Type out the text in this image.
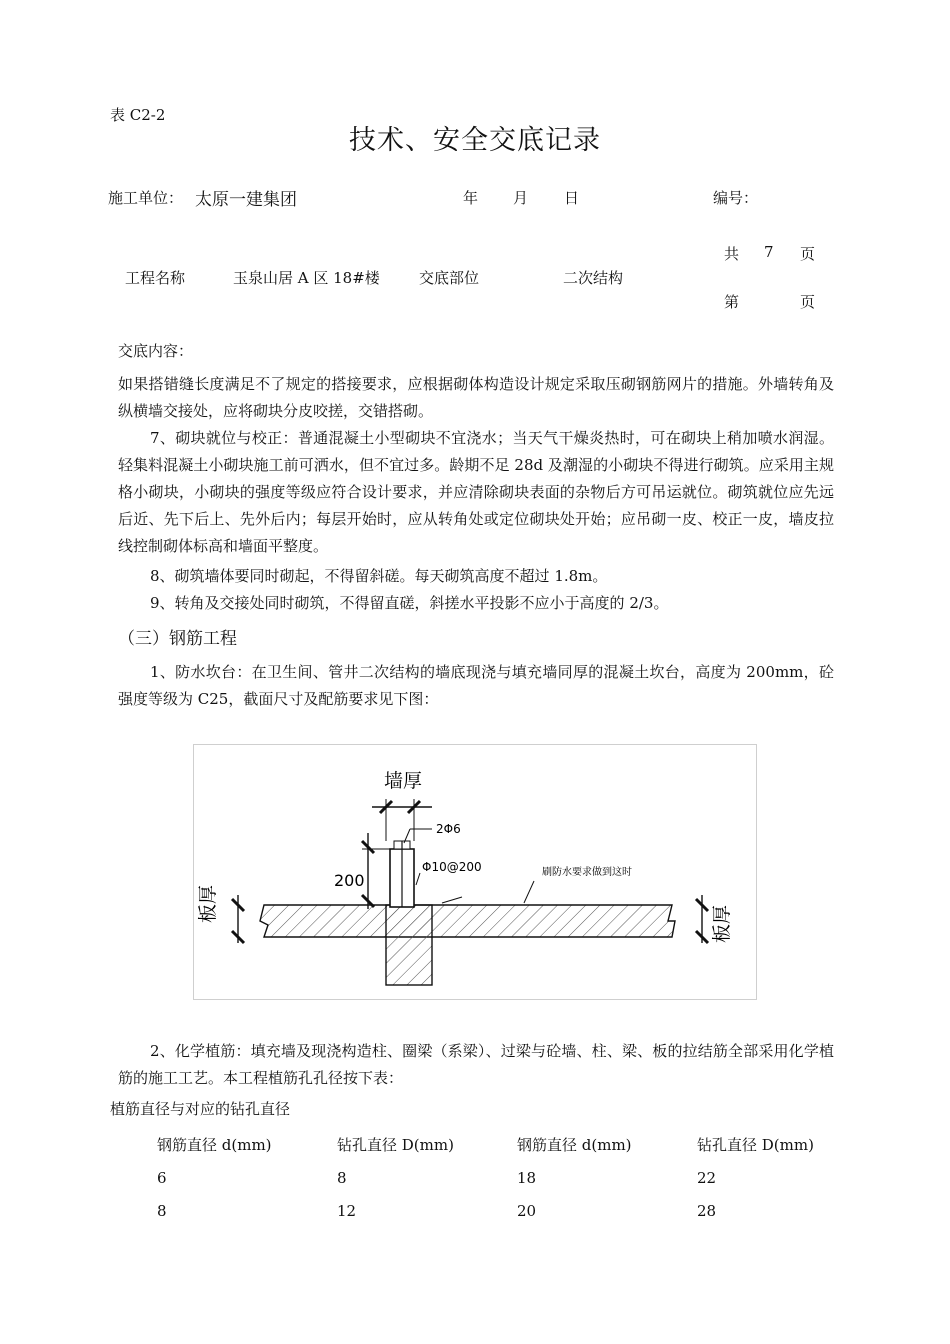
表 C2-2
技术、安全交底记录
施工单位： 太原一建集团	年 月 日	编号：
共 7 页
工程名称	玉泉山居 A 区 18#楼	交底部位	二次结构
第	页
交底内容：
如果搭错缝长度满足不了规定的搭接要求，应根据砌体构造设计规定采取压砌钢筋网片的措施。外墙转角及纵横墙交接处，应将砌块分皮咬搓，交错搭砌。
7、砌块就位与校正：普通混凝土小型砌块不宜浇水；当天气干燥炎热时，可在砌块上稍加喷水润湿。轻集料混凝土小砌块施工前可洒水，但不宜过多。龄期不足 28d 及潮湿的小砌块不得进行砌筑。应采用主规格小砌块，小砌块的强度等级应符合设计要求，并应清除砌块表面的杂物后方可吊运就位。砌筑就位应先远后近、先下后上、先外后内；每层开始时，应从转角处或定位砌块处开始；应吊砌一皮、校正一皮，墙皮拉线控制砌体标高和墙面平整度。
8、砌筑墙体要同时砌起，不得留斜磋。每天砌筑高度不超过 1.8m。
9、转角及交接处同时砌筑，不得留直磋，斜搓水平投影不应小于高度的 2/3。
（三）钢筋工程
1、防水坎台：在卫生间、管井二次结构的墙底现浇与填充墙同厚的混凝土坎台，高度为 200mm，砼强度等级为 C25，截面尺寸及配筋要求见下图：
墙厚
2Φ6
Φ10@200
200	刷防水要求做到这时
板厚
板厚
2、化学植筋：填充墙及现浇构造柱、圈梁（系梁）、过梁与砼墙、柱、梁、板的拉结筋全部采用化学植筋的施工工艺。本工程植筋孔孔径按下表：
植筋直径与对应的钻孔直径
钢筋直径 d(mm)	钻孔直径 D(mm)	钢筋直径 d(mm)	钻孔直径 D(mm)
6	8	18	22
8	12	20	28
